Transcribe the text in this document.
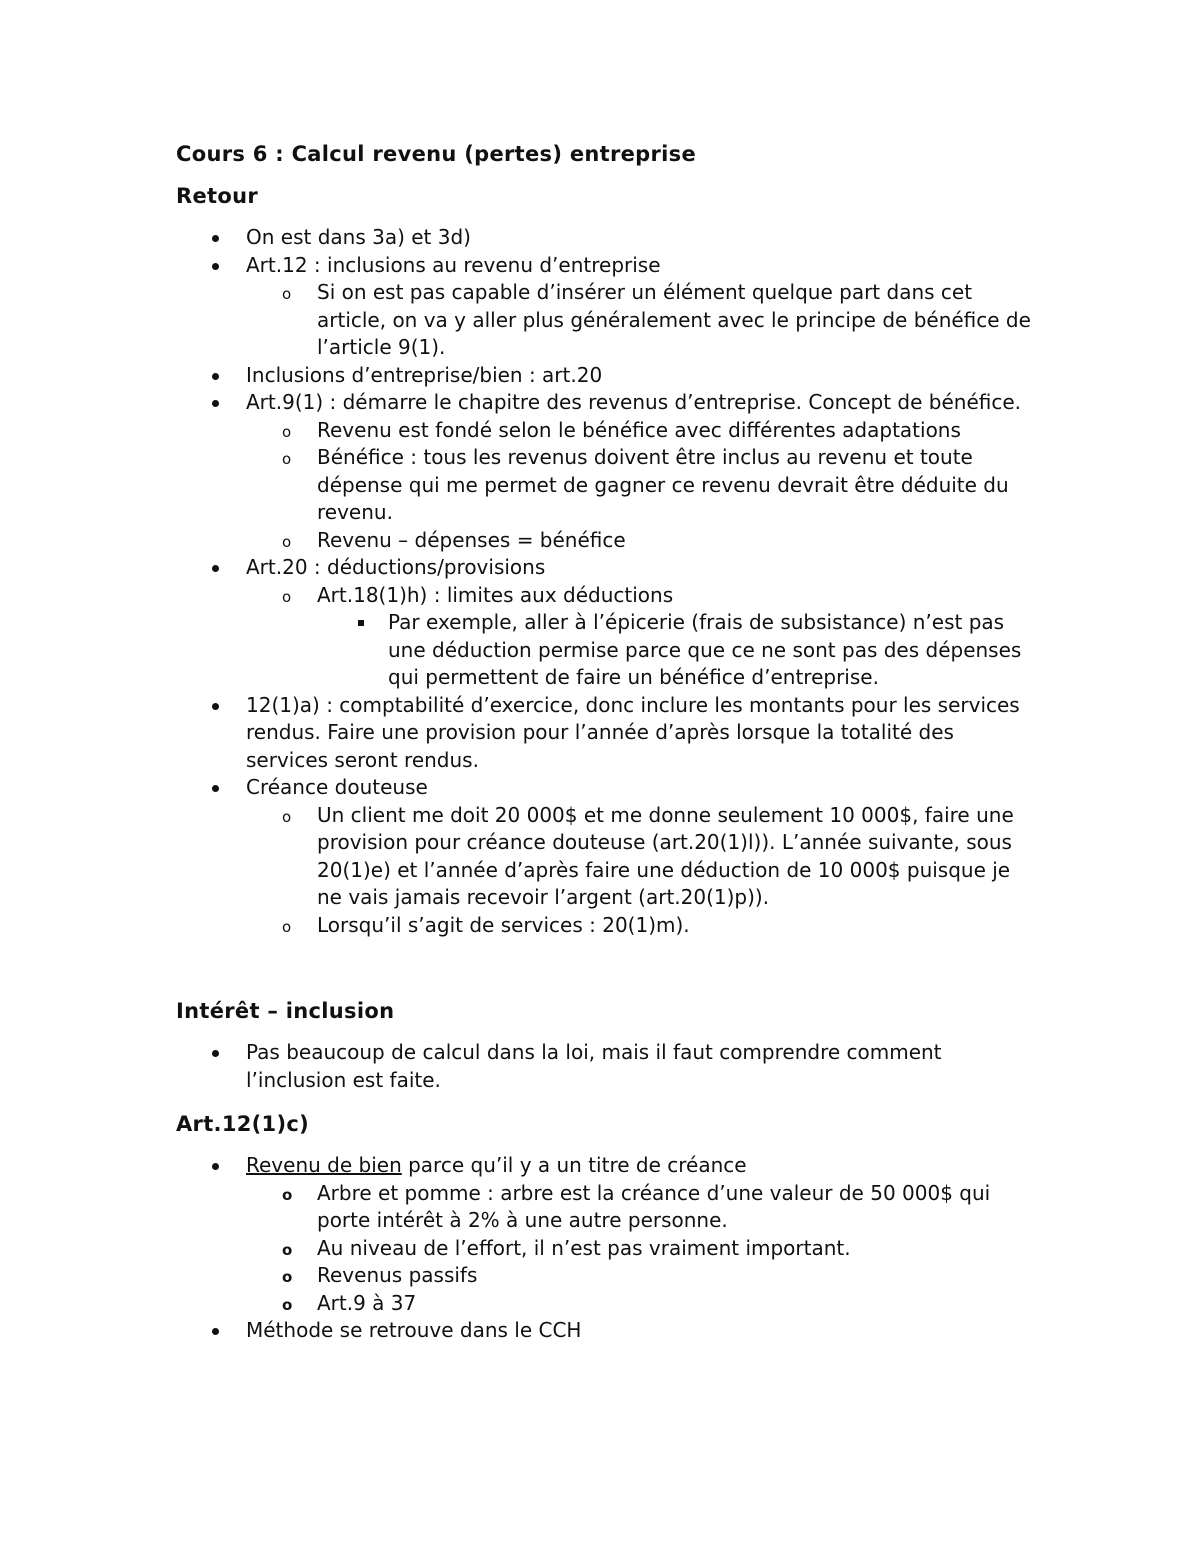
Cours 6 : Calcul revenu (pertes) entreprise

Retour

On est dans 3a) et 3d)
Art.12 : inclusions au revenu d’entreprise
o	Si on est pas capable d’insérer un élément quelque part dans cet article, on va y aller plus généralement avec le principe de bénéfice de l’article 9(1).
Inclusions d’entreprise/bien : art.20
Art.9(1) : démarre le chapitre des revenus d’entreprise. Concept de bénéfice.
o	Revenu est fondé selon le bénéfice avec différentes adaptations
o	Bénéfice : tous les revenus doivent être inclus au revenu et toute dépense qui me permet de gagner ce revenu devrait être déduite du revenu.
o	Revenu – dépenses = bénéfice
Art.20 : déductions/provisions
o	Art.18(1)h) : limites aux déductions
Par exemple, aller à l’épicerie (frais de subsistance) n’est pas une déduction permise parce que ce ne sont pas des dépenses qui permettent de faire un bénéfice d’entreprise.
12(1)a) : comptabilité d’exercice, donc inclure les montants pour les services rendus. Faire une provision pour l’année d’après lorsque la totalité des services seront rendus.
Créance douteuse
o	Un client me doit 20 000$ et me donne seulement 10 000$, faire une provision pour créance douteuse (art.20(1)l)). L’année suivante, sous 20(1)e) et l’année d’après faire une déduction de 10 000$ puisque je ne vais jamais recevoir l’argent (art.20(1)p)).
o	Lorsqu’il s’agit de services : 20(1)m).

Intérêt – inclusion

Pas beaucoup de calcul dans la loi, mais il faut comprendre comment l’inclusion est faite.

Art.12(1)c)

Revenu de bien parce qu’il y a un titre de créance
o	Arbre et pomme : arbre est la créance d’une valeur de 50 000$ qui porte intérêt à 2% à une autre personne.
o	Au niveau de l’effort, il n’est pas vraiment important.
o	Revenus passifs
o	Art.9 à 37
Méthode se retrouve dans le CCH
